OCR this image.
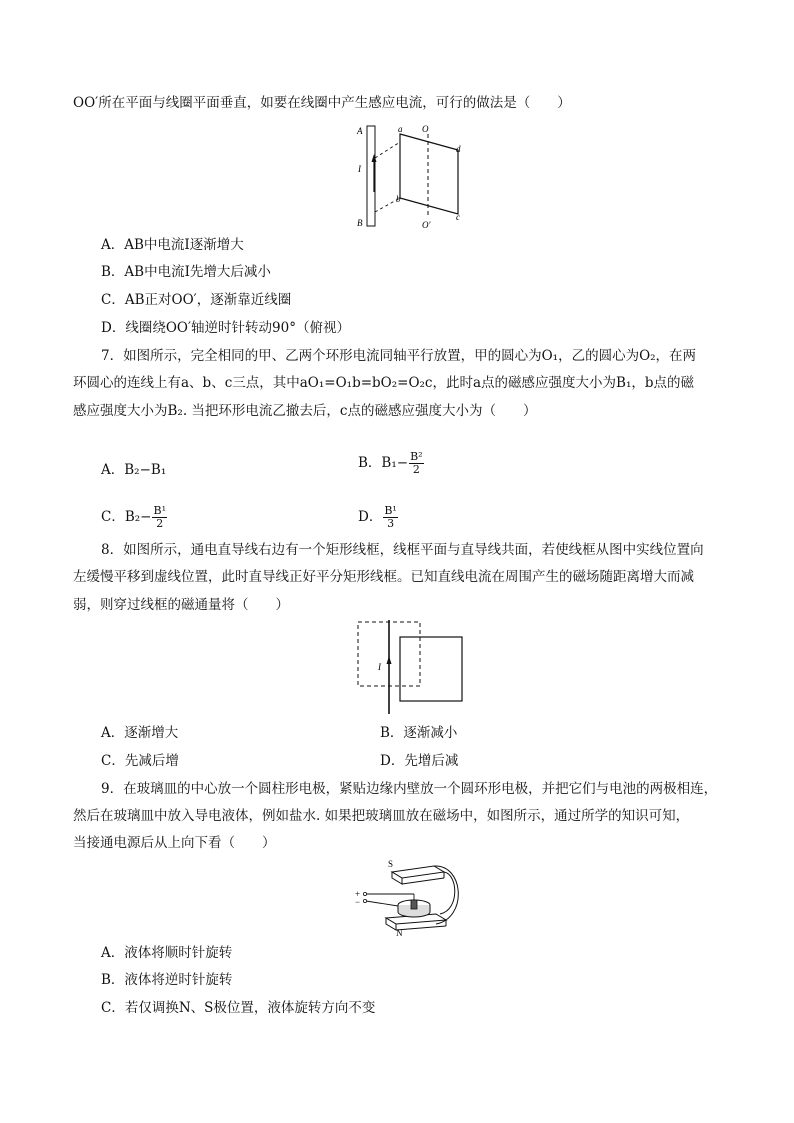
OO′所在平面与线圈平面垂直，如要在线圈中产生感应电流，可行的做法是（　　）
A
B
I
a O
d
b
c
O′
A．AB中电流I逐渐增大
B．AB中电流I先增大后减小
C．AB正对OO′，逐渐靠近线圈
D．线圈绕OO′轴逆时针转动90°（俯视）
7．如图所示，完全相同的甲、乙两个环形电流同轴平行放置，甲的圆心为O₁，乙的圆心为O₂，在两
环圆心的连线上有a、b、c三点，其中aO₁=O₁b=bO₂=O₂c，此时a点的磁感应强度大小为B₁，b点的磁
感应强度大小为B₂. 当把环形电流乙撤去后，c点的磁感应强度大小为（　　）
A．B₂−B₁	B．$B_1- \frac{\text{B²}}{2}$
C．$B_2- \frac{\text{B¹}}{2}$	D． $\frac{\text{B¹}}{3}$
8．如图所示，通电直导线右边有一个矩形线框，线框平面与直导线共面，若使线框从图中实线位置向
左缓慢平移到虚线位置，此时直导线正好平分矩形线框。已知直线电流在周围产生的磁场随距离增大而减
弱，则穿过线框的磁通量将（　　）
I
A．逐渐增大	B．逐渐减小
C．先减后增	D．先增后减
9．在玻璃皿的中心放一个圆柱形电极，紧贴边缘内壁放一个圆环形电极，并把它们与电池的两极相连，
然后在玻璃皿中放入导电液体，例如盐水. 如果把玻璃皿放在磁场中，如图所示，通过所学的知识可知，
当接通电源后从上向下看（　　）
S
N
+
−
A．液体将顺时针旋转
B．液体将逆时针旋转
C．若仅调换N、S极位置，液体旋转方向不变
